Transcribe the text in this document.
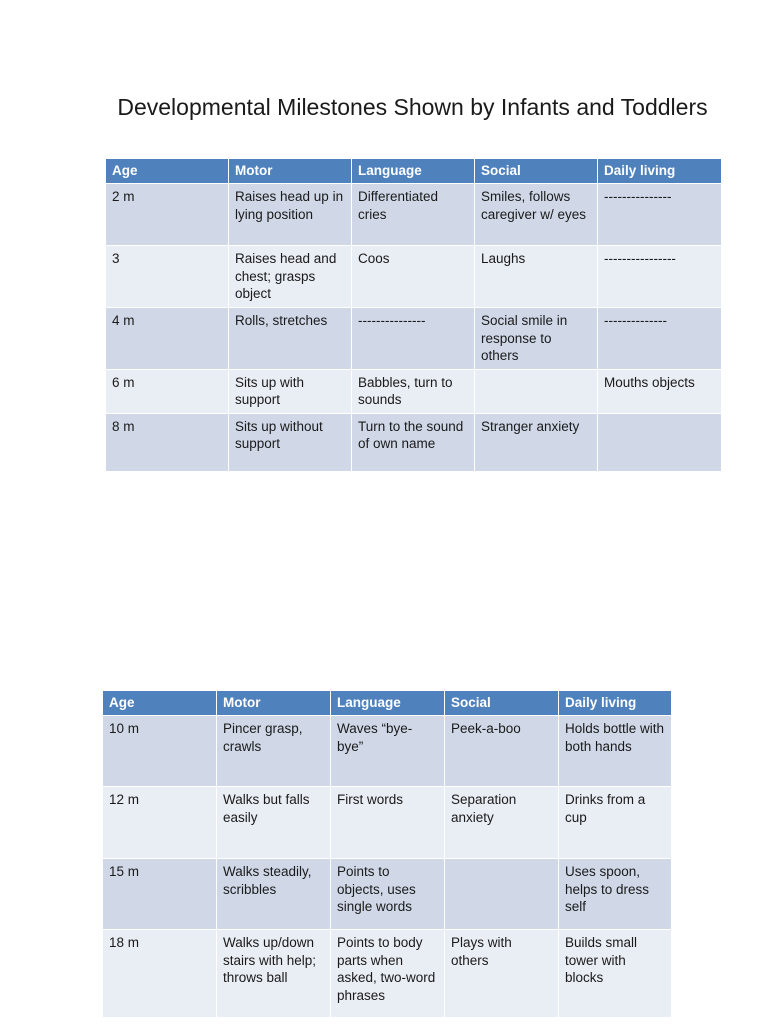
Developmental Milestones Shown by Infants and Toddlers
Age	Motor	Language	Social	Daily living
2 m	Raises head up in lying position	Differentiated cries	Smiles, follows caregiver w/ eyes	---------------
3	Raises head and chest; grasps object	Coos	Laughs	----------------
4 m	Rolls, stretches	---------------	Social smile in response to others	--------------
6 m	Sits up with support	Babbles, turn to sounds		Mouths objects
8 m	Sits up without support	Turn to the sound of own name	Stranger anxiety	
Age	Motor	Language	Social	Daily living
10 m	Pincer grasp, crawls	Waves “bye-bye”	Peek-a-boo	Holds bottle with both hands
12 m	Walks but falls easily	First words	Separation anxiety	Drinks from a cup
15 m	Walks steadily, scribbles	Points to objects, uses single words		Uses spoon, helps to dress self
18 m	Walks up/down stairs with help; throws ball	Points to body parts when asked, two-word phrases	Plays with others	Builds small tower with blocks
